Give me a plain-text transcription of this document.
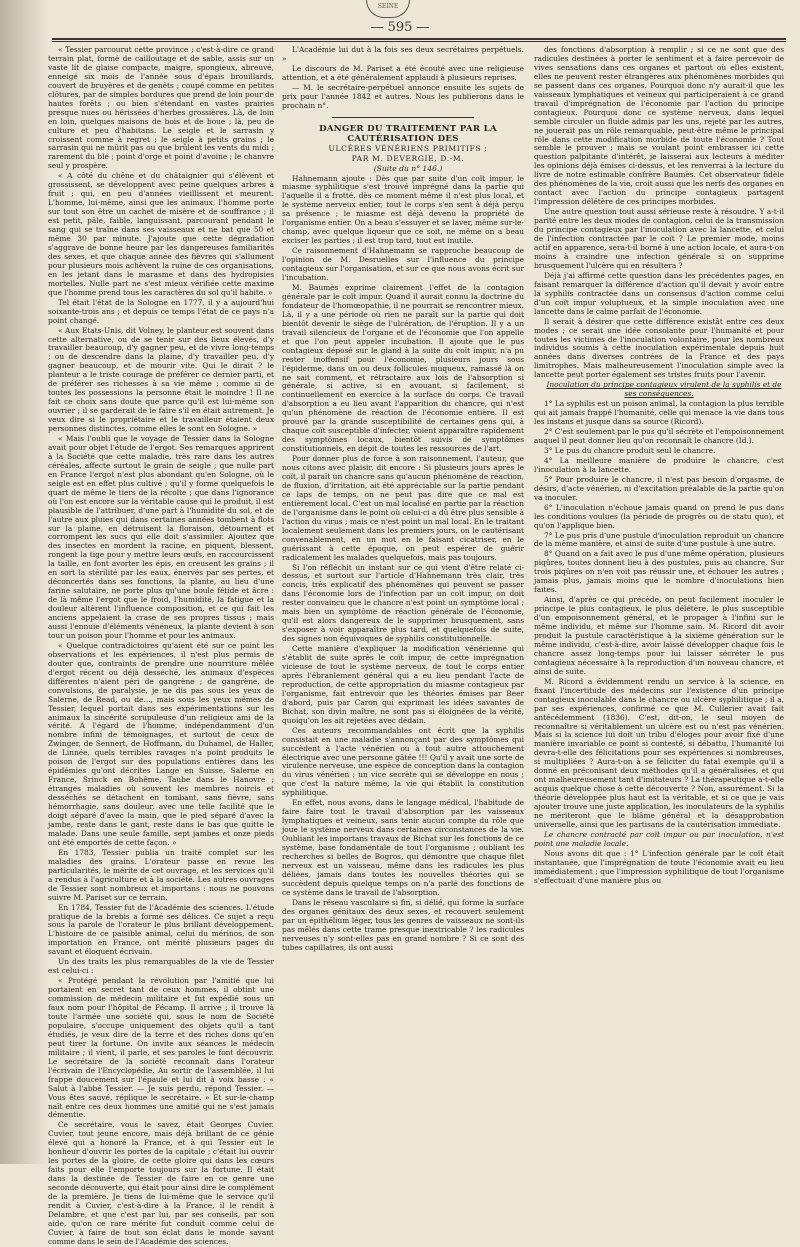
SEINE
— 595 —

« Tessier parcourut cette province ; c'est-à-dire ce grand terrain plat, formé de cailloutage et de sable, assis sur un vaste lit de glaise compacte, maigre, spongieux, abreuvé, enneigé six mois de l'année sous d'épais brouillards, couvert de bruyères et de genêts ; coupé comme en petites clôtures, par de simples bordures que prend de loin pour de hautes forêts ; ou bien s'étendant en vastes prairies presque nues ou hérissées d'herbes grossières. Là, de loin en loin, quelques maisons de bois et de boue ; là, peu de culture et peu d'habitans. Le seigle et le sarrasin y croissent comme à regret ; le seigle à petits grains ; le sarrasin qui ne mûrit pas ou que brûlent les vents du midi ; rarement du blé ; point d'orge et point d'avoine ; le chanvre seul y prospère.

« A côté du chêne et du châtaignier qui s'élèvent et grossissent, se développent avec peine quelques arbres à fruit ; qui, en peu d'années vieillissent et meurent. L'homme, lui-même, ainsi que les animaux, l'homme porte sur tout son être un cachet de misère et de souffrance ; il est petit, pâle, faible, languissant, parcourant pendant le sang qui se traîne dans ses vaisseaux et ne bat que 50 et même 30 par minute. J'ajoute que cette dégradation s'aggrave de bonne heure par les dangereuses familiarités des sexes, et que chaque année des fièvres qui s'allument pour plusieurs mois achèvent la ruine de ces organisations, en les jetant dans le marasme et dans des hydropisies mortelles. Nulle part ne s'est mieux vérifiée cette maxime que l'homme prend tous les caractères du sol qu'il habite. »

Tel était l'état de la Sologne en 1777, il y a aujourd'hui soixante-trois ans ; et depuis ce temps l'état de ce pays n'a point changé.

« Aux Etats-Unis, dit Volney, le planteur est souvent dans cette alternative, ou de se tenir sur des lieux élevés, d'y travailler beaucoup, d'y gagner peu, et de vivre long-temps ; ou de descendre dans la plaine, d'y travailler peu, d'y gagner beaucoup, et de mourir vite. Qui le dirait ? le planteur a le triste courage de préférer ce dernier parti, et de préférer ses richesses à sa vie même ; comme si de toutes les possessions la personne était le moindre ! Il ne fait ce choix sans doute que parce qu'il est lui-même son ouvrier ; il se garderait de le faire s'il en était autrement. Je veux dire si le propriétaire et le travailleur étaient deux personnes distinctes, comme elles le sont en Sologne. »

« Mais l'oubli que le voyage de Tessier dans la Sologne avait pour objet l'étude de l'ergot. Ses remarques apprirent à la Société que cette maladie, très rare dans les autres céréales, affecte surtout le grain de seigle ; que nulle part en France l'ergot n'est plus abondant qu'en Sologne, où le seigle est en effet plus cultivé ; qu'il y forme quelquefois le quart de même le tiers de la récolte ; que dans l'ignorance où l'on est encore sur la véritable cause qui le produit, il est plausible de l'attribuer, d'une part à l'humidité du sol, et de l'autre aux pluies qui dans certaines années tombent à flots sur la plaine, en détruisent la floraison, détournent et corrompent les sucs qui elle doit s'assimiler. Ajoutez que des insectes en mordent la racine, en piquent, blessent, rongent la tige pour y mettre leurs œufs, en raccourcissent la taille, en font avorter les épis, en creusent les grains ; il en sort la stérilité par les eaux, énervés par ses pertes, et déconcertés dans ses fonctions, la plante, au lieu d'une farine salutaire, ne porte plus qu'une boule fétide et âcre : de là même l'ergot que le froid, l'humidité, la fatigue et la douleur altèrent l'influence composition, et ce qui fait les anciens appelaient la crase de ses propres tissus ; mais aussi l'ennuie d'éléments vénéneux, la plante devient à son tour un poison pour l'homme et pour les animaux.

« Quelque contradictoires qu'aient été sur ce point les observations et les expériences, il n'est plus permis de douter que, contraints de prendre une nourriture mêlée d'ergot récent ou déjà desséché, les animaux d'espèces différentes n'aient péri de gangrène ; de gangrène, de convulsions, de paralysie, je ne dis pas sous les yeux de Salerne, de Read, ou de..., mais sous les yeux mêmes de Tessier, lequel portait dans ses expérimentations sur les animaux la sincérité scrupuleuse d'un religieux ami de la vérité. A l'égard de l'homme, indépendamment d'un nombre infini de témoignages, et surtout de ceux de Zwinger, de Sennert, de Hoffmann, du Duhamel, de Haller, de Linnée, quels terribles ravages n'a point produits le poison de l'ergot sur des populations entières dans les épidémies qu'ont décrites Lange en Suisse, Salerne en France, Srinck en Bohême, Taube dans le Hanovre ; étranges maladies où souvent les membres noircis et desséchés se détachent en tombant, sans fièvre, sans hémorrhagie, sans douleur, avec une telle facilité que le doigt séparé d'avec la main, que le pied séparé d'avec la jambe, reste dans le gant, reste dans le bas que quitte le malade. Dans une seule famille, sept jambes et onze pieds ont été emportés de cette façon. »

En 1783, Tessier publia un traité complet sur les maladies des grains. L'orateur passe en revue les particularités, le mérite de cet ouvrage, et les services qu'il a rendus à l'agriculture et à la société. Les autres ouvrages de Tessier sont nombreux et importans : nous ne pouvons suivre M. Pariset sur ce terrain.

En 1784, Tessier fut de l'Académie des sciences. L'étude pratique de la brebis a formé ses délices. Ce sujet a reçu sous la parole de l'orateur le plus brillant développement. L'histoire de ce paisible animal, celui du mérinos, de son importation en France, ont mérité plusieurs pages du savant et éloquent écrivain.

Un des traits les plus remarquables de la vie de Tessier est celui-ci :

« Protégé pendant la révolution par l'amitié que lui portaient en secret tant de ceux hommes, il obtint une commission de médecin militaire et fut expédié sous un faux nom pour l'hôpital de Fécamp. Il arrive ; il trouve là toute l'armée une société qui, sous le nom de Société populaire, s'occupe uniquement des objets qu'il a tant étudiés, je veux dire de la terre et des riches dons qu'en peut tirer la fortune. On invite aux séances le médecin militaire ; il vient, il parle, et ses paroles le font découvrir. Le secrétaire de la société reconnaît dans l'orateur l'écrivain de l'Encyclopédie. Au sortir de l'assemblée, il lui frappe doucement sur l'épaule et lui dit à voix basse : « Salut à l'abbé Tessier. — Je suis perdu, répond Tessier. —Vous êtes sauvé, réplique le secrétaire. » Et sur-le-champ naît entre ces deux hommes une amitié qui ne s'est jamais démentie.

Ce secrétaire, vous le savez, était Georges Cuvier. Cuvier, tout jeune encore, mais déjà brillant de ce génie élevé qui a honoré la France, et à qui Tessier eut le bonheur d'ouvrir les portes de la capitale ; c'était lui ouvrir les portes de la gloire, de cette gloire qui dans les cœurs faits pour elle l'emporte toujours sur la fortune. Il était dans la destinée de Tessier de faire en ce genre une seconde découverte, qui était pour ainsi dire le complément de la première. Je tiens de lui-même que le service qu'il rendit à Cuvier, c'est-à-dire à la France, il le rendit à Delambre, et que c'est par lui, par ses conseils, par son aide, qu'on ce rare mérite fut conduit comme celui de Cuvier, à faire de tout son éclat dans le monde savant comme dans le sein de l'Académie des sciences.

L'Académie lui dut à la fois ses deux secrétaires perpétuels. »

Le discours de M. Pariset a été écouté avec une religieuse attention, et a été généralement applaudi à plusieurs reprises.

— M. le secrétaire-perpétuel annonce ensuite les sujets de prix pour l'année 1842 et autres. Nous les publierons dans le prochain n°.

DANGER DU TRAITEMENT PAR LA CAUTÉRISATION DES

ULCÈRES VÉNÉRIENS PRIMITIFS ;

PAR M. DEVERGIE, D.-M.

(Suite du n° 146.)

Hahnemann ajoute : Dès que par suite d'un coït impur, le miasme syphilitique s'est trouvé imprégné dans la partie qui l'aquelle il a frotté, dès ce moment même il n'est plus local, et le système nerveux entier, tout le corps s'en sent à déjà perçu sa présence ; le miasme est déjà devenu la propriété de l'organisme entier. On a beau s'essuyer et se laver, même sur-le-champ, avec quelque liqueur que ce soit, ne même on a beau exciser les parties ; il est trop tard, tout est inutile.

Ce raisonnement d'Hahnemann se rapproche beaucoup de l'opinion de M. Desruelles sur l'influence du principe contagieux sur l'organisation, et sur ce que nous avons écrit sur l'incubation.

M. Baumès exprime clairement l'effet de la contagion générale par le coït impur. Quand il aurait connu la doctrine du fondateur de l'homœopathie, il ne pourrait se rencontrer mieux. Là, il y a une période où rien ne paraît sur la partie qui doit bientôt devenir le siège de l'ulcération, de l'éruption. Il y a un travail silencieux de l'organe et de l'économie que l'on appelle et que l'on peut appeler incubation. Il ajoute que le pus contagieux déposé sur le gland à la suite du coït impur, n'a pu rester inoffensif pour l'économie, plusieurs jours sous l'épiderme, dans un ou deux follicules muqueux, ramassé là on ne sait comment, et rétractaire aux lois de l'absorption si générale, si active, si en avouant, si facilement, si continuellement en exercice à la surface du corps. Ce travail d'absorption a eu lieu avant l'apparition du chancre, qui n'est qu'un phénomène de réaction de l'économie entière. Il est prouvé par la grande susceptibilité de certaines gens qui, à chaque coït susceptible d'infecter, voient apparaître rapidement des symptômes locaux, bientôt suivis de symptômes constitutionnels, en dépit de toutes les ressources de l'art.

Pour donner plus de force à son raisonnement, l'auteur, que nous citons avec plaisir, dit encore : Si plusieurs jours après le coït, il paraît un chancre sans qu'aucun phénomène de réaction, de fluxion, d'irritation, ait été appréciable sur la partie pendant ce laps de temps, on ne peut pas dire que ce mal est entièrement local. C'est un mal localisé en partie par la réaction de l'organisme dans le point où celui-ci a dû être plus sensible à l'action du virus ; mais ce n'est point un mal local. En le traitant localement seulement dans les premiers jours, on le cautérisant convenablement, en un mot en le faisant cicatriser, en le guérissant à cette époque, on peut espérer de guérir radicalement les malades quelquefois, mais pas toujours.

Si l'on réfléchit un instant sur ce qui vient d'être relaté ci-dessus, et surtout sur l'article d'Hahnemann très clair, très concis, très explicatif des phénomènes qui peuvent se passer dans l'économie lors de l'infection par un coït impur, on doit rester convaincu que le chancre n'est point un symptôme local ; mais bien un symptôme de réaction générale de l'économie, qu'il est alors dangereux de le supprimer brusquement, sans s'exposer à voir apparaître plus tard, et quelquefois de suite, des signes non équivoques de syphilis constitutionnelle.

Cette manière d'expliquer la modification vénérienne qui s'établit de suite après le coït impur, de cette imprégnation vicieuse de tout le système nerveux, de tout le corps entier après l'ébranlement général qui a eu lieu pendant l'acte de reproduction, de cette appropriation du miasme contagieux par l'organisme, fait entrevoir que les théories émises par Beer d'abord, puis par Caron qui exprimait les idées savantes de Bichat, son divin maître, ne sont pas si éloignées de la vérité, quoiqu'on les ait rejetées avec dédain.

Ces auteurs recommandables ont écrit que la syphilis consistait en une maladie s'annonçant par des symptômes qui succèdent à l'acte vénérien ou à tout autre attouchement électrique avec une personne gâtée !!! Qu'il y avait une sorte de virulence nerveuse, une espèce de conception dans la contagion du virus vénérien ; un vice secrète qui se développe en nous ; que c'est la nature même, la vie qui établit la constitution syphilitique.

En effet, nous avons, dans le langage médical, l'habitude de faire faire tout le travail d'absorption par les vaisseaux lymphatiques et veineux, sans tenir aucun compte du rôle que joue le système nerveux dans certaines circonstances de la vie. Oubliant les importans travaux de Bichat sur les fonctions de ce système, base fondamentale de tout l'organisme ; oubliant les recherches si belles de Bogros, qui démontre que chaque filet nerveux est un vaisseau, même dans les radicules les plus déliées, jamais dans toutes les nouvelles théories qui se succèdent depuis quelque temps on n'a parlé des fonctions de ce système dans le travail de l'absorption.

Dans le réseau vasculaire si fin, si délié, qui forme la surface des organes génitaux des deux sexes, et recouvert seulement par un épithélium léger, tous les genres de vaisseaux ne sont-ils pas mêlés dans cette trame presque inextricable ? les radicules nerveuses n'y sont-elles pas en grand nombre ? Si ce sont des tubes capillaires, ils ont aussi

des fonctions d'absorption à remplir ; si ce ne sont que des radicules destinées à porter le sentiment et à faire percevoir de vives sensations dans ces organes et partout où elles existent, elles ne peuvent rester étrangères aux phénomènes morbides qui se passent dans ces organes. Pourquoi donc n'y aurait-il que les vaisseaux lymphatiques et veineux qui participeraient à ce grand travail d'imprégnation de l'économie par l'action du principe contagieux. Pourquoi donc ce système nerveux, dans lequel semble circuler un fluide admis par les uns, rejeté par les autres, ne jouerait pas un rôle remarquable, peut-être même le principal rôle dans cette modification morbide de toute l'économie ? Tout semble le prouver ; mais se voulant point embrasser ici cette question palpitante d'intérêt, je laisserai aux lecteurs à méditer les opinions déjà émises ci-dessus, et les renverrai à la lecture du livre de notre estimable confrère Baumès. Cet observateur fidèle des phénomènes de la vie, croit aussi que les nerfs des organes en contact avec l'action du principe contagieux partagent l'impression délétère de ces principes morbides.

Une autre question tout aussi sérieuse reste à résoudre. Y a-t-il parité entre les deux modes de contagion, celui de la transmission du principe contagieux par l'inoculation avec la lancette, et celui de l'infection contractée par le coït ? Le premier mode, moins actif en apparence, sera-t-il borné à une action locale, et aura-t-on moins à craindre une infection générale si on supprime brusquement l'ulcère qui en résultera ?

Déjà j'ai affirmé cette question dans les précédentes pages, en faisant remarquer la différence d'action qu'il devait y avoir entre la syphilis contractée dans un consensus d'action comme celui d'un coït impur voluptueux, et la simple inoculation avec une lancette dans le calme parfait de l'économie.

Il serait à désirer que cette différence existât entre ces deux modes ; ce serait une idée consolante pour l'humanité et pour toutes les victimes de l'inoculation volontaire, pour les nombreux individus soumis à cette inoculation expérimentale depuis huit années dans diverses contrées de la France et des pays limitrophes. Mais malheureusement l'inoculation simple avec la lancette peut porter également ses tristes fruits pour l'avenir.

Inoculation du principe contagieux virulent de la syphilis et de ses conséquences.

1° La syphilis est un poison animal, la contagion la plus terrible qui ait jamais frappé l'humanité, celle qui menace la vie dans tous les instans et jusque dans sa source (Ricord).

2° C'est seulement par le pus qu'il sécrète et l'empoisonnement auquel il peut donner lieu qu'on reconnaît le chancre (Id.).

3° Le pus du chancre produit seul le chancre.

4° La meilleure manière de produire le chancre, c'est l'inoculation à la lancette.

5° Pour produire le chancre, il n'est pas besoin d'orgasme, de désirs, d'acte vénérien, ni d'excitation préalable de la partie qu'on va inoculer.

6° L'inoculation n'échoue jamais quand on prend le pus dans les conditions voulues (la période de progrès ou de statu quo), et qu'on l'applique bien.

7° Le pus pris d'une pustule d'inoculation reproduit un chancre de la même manière, et ainsi de suite d'une pustule à une autre.

8° Quand on a fait avec le pus d'une même opération, plusieurs piqûres, toutes donnent lieu à des pustules, puis au chancre. Sur trois piqûres on n'en voit pas réussir une, et échouer les autres ; jamais plus, jamais moins que le nombre d'inoculations bien faites.

Ainsi, d'après ce qui précède, on peut facilement inoculer le principe le plus contagieux, le plus délétère, le plus susceptible d'un empoisonnement général, et le propager à l'infini sur le même individu, et même sur l'homme sain. M. Ricord dit avoir produit la pustule caractéristique à la sixième génération sur le même individu, c'est-à-dire, avoir laissé développer chaque fois le chancre assez long-temps pour lui laisser sécréter le pus contagieux nécessaire à la reproduction d'un nouveau chancre, et ainsi de suite.

M. Ricord a évidemment rendu un service à la science, en fixant l'incertitude des médecins sur l'existence d'un principe contagieux inoculable dans le chancre ou ulcère syphilitique ; il a, par ses expériences, confirmé ce que M. Cullerier avait fait antécédemment (1836). C'est, dit-on, le seul moyen de reconnaître si véritablement un ulcère est ou n'est pas vénérien. Mais si la science lui doit un tribu d'éloges pour avoir fixé d'une manière invariable ce point si contesté, si débattu, l'humanité lui devra-t-elle des félicitations pour ses expériences si nombreuses, si multipliées ? Aura-t-on à se féliciter du fatal exemple qu'il a donné en préconisant deux méthodes qu'il a généralisées, et qui ont malheureusement tant d'imitateurs ? La thérapeutique a-t-elle acquis quelque chose à cette découverte ? Non, assurément. Si la théorie développée plus haut est la véritable, et si ce que je vais ajouter trouve une juste application, les inoculateurs de la syphilis ne mériteront que le blâme général et la désapprobation universelle, ainsi que les partisans de la cautérisation immédiate.

Le chancre contracté par coït impur ou par inoculation, n'est point une maladie locale.

Nous avons dit que : 1° L'infection générale par le coït était instantanée, que l'imprégnation de toute l'économie avait eu lieu immédiatement ; que l'impression syphilitique de tout l'organisme s'effectuait d'une manière plus ou
